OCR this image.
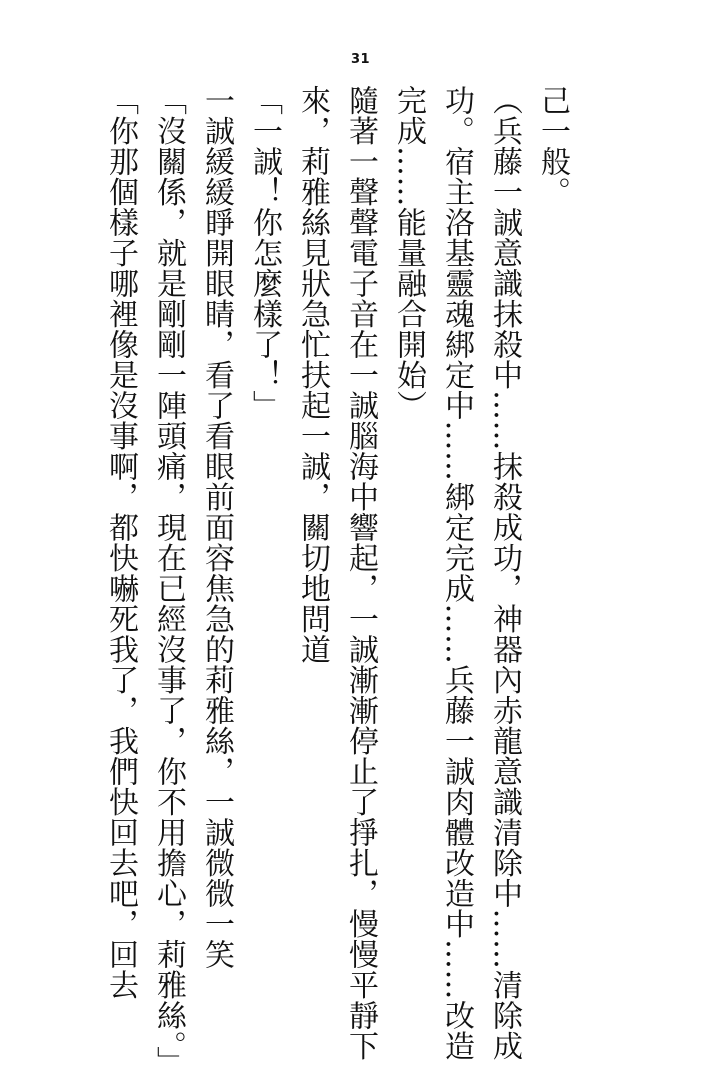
31

己一般。

（兵藤一誠意識抹殺中……抹殺成功，神器內赤龍意識清除中……清除成

功。宿主洛基靈魂綁定中……綁定完成……兵藤一誠肉體改造中……改造

完成……能量融合開始）

隨著一聲聲電子音在一誠腦海中響起，一誠漸漸停止了掙扎，慢慢平靜下

來，莉雅絲見狀急忙扶起一誠，關切地問道

「一誠！你怎麼樣了！」

一誠緩緩睜開眼睛，看了看眼前面容焦急的莉雅絲，一誠微微一笑

「沒關係，就是剛剛一陣頭痛，現在已經沒事了，你不用擔心，莉雅絲。」

「你那個樣子哪裡像是沒事啊，都快嚇死我了，我們快回去吧，回去
